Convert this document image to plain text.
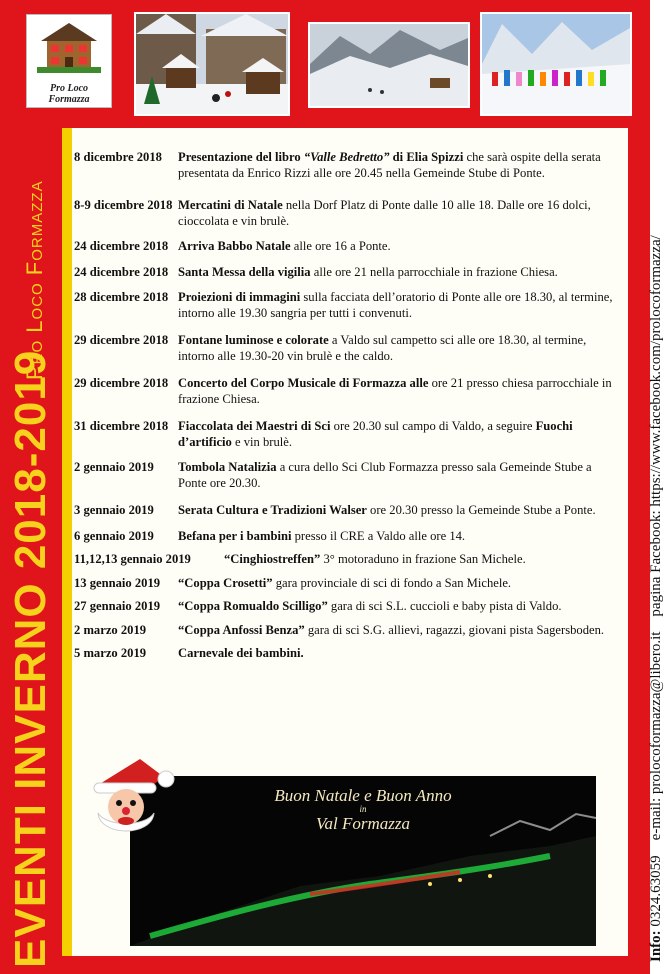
EVENTI INVERNO 2018-2019
Pro Loco Formazza
Info: 0324.63059    e-mail: prolocoformazza@libero.it    pagina Facebook: https://www.facebook.com/prolocoformazza/
Pro Loco Formazza
8 dicembre 2018	Presentazione del libro “Valle Bedretto” di Elia Spizzi che sarà ospite della serata presentata da Enrico Rizzi alle ore 20.45 nella Gemeinde Stube di Ponte.
8-9 dicembre 2018 Mercatini di Natale nella Dorf Platz di Ponte dalle 10 alle 18. Dalle ore 16 dolci, cioccolata e vin brulè.
24 dicembre 2018 Arriva Babbo Natale alle ore 16 a Ponte.
24 dicembre 2018 Santa Messa della vigilia alle ore 21 nella parrocchiale in frazione Chiesa.
28 dicembre 2018 Proiezioni di immagini sulla facciata dell’oratorio di Ponte alle ore 18.30, al termine, intorno alle 19.30 sangria per tutti i convenuti.
29 dicembre 2018 Fontane luminose e colorate a Valdo sul campetto sci alle ore 18.30, al termine, intorno alle 19.30-20 vin brulè e the caldo.
29 dicembre 2018 Concerto del Corpo Musicale di Formazza alle ore 21 presso chiesa parrocchiale in frazione Chiesa.
31 dicembre 2018 Fiaccolata dei Maestri di Sci ore 20.30 sul campo di Valdo, a seguire Fuochi d’artificio e vin brulè.
2 gennaio 2019	Tombola Natalizia a cura dello Sci Club Formazza presso sala Gemeinde Stube a Ponte ore 20.30.
3 gennaio 2019	Serata Cultura e Tradizioni Walser ore 20.30 presso la Gemeinde Stube a Ponte.
6 gennaio 2019	Befana per i bambini presso il CRE a Valdo alle ore 14.
11,12,13 gennaio 2019	“Cinghiostreffen” 3° motoraduno in frazione San Michele.
13 gennaio 2019	“Coppa Crosetti” gara provinciale di sci di fondo a San Michele.
27 gennaio 2019	“Coppa Romualdo Scilligo” gara di sci S.L. cuccioli e baby pista di Valdo.
2 marzo 2019	“Coppa Anfossi Benza” gara di sci S.G. allievi, ragazzi, giovani pista Sagersboden.
5 marzo 2019	Carnevale dei bambini.
Buon Natale e Buon Anno
in
Val Formazza
